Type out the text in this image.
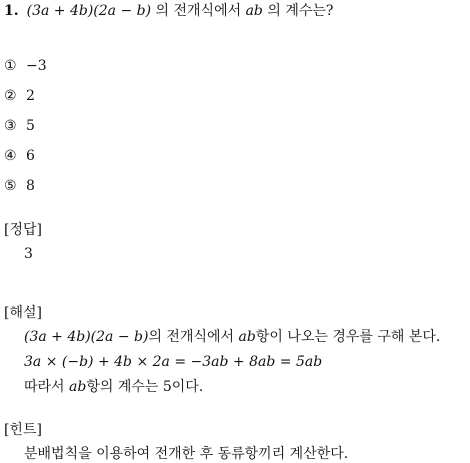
1. (3a + 4b)(2a − b) 의 전개식에서 ab 의 계수는?
① −3
② 2
③ 5
④ 6
⑤ 8
[정답]
3
[해설]
(3a + 4b)(2a − b)의 전개식에서 ab항이 나오는 경우를 구해 본다.
3a × (−b) + 4b × 2a = −3ab + 8ab = 5ab
따라서 ab항의 계수는 5이다.
[힌트]
분배법칙을 이용하여 전개한 후 동류항끼리 계산한다.
